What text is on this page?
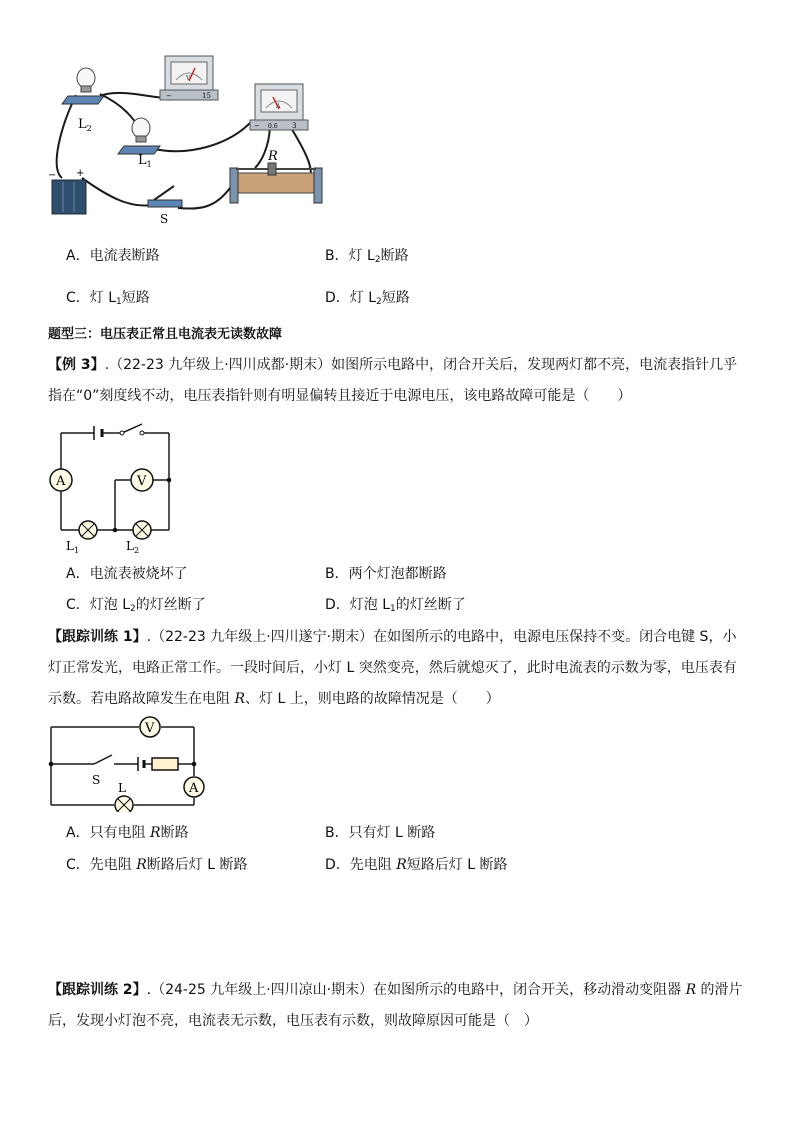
V
−	15
A
− 0.6 3
$L_2$
$L_1$
− +
S
R
A．电流表断路	B．灯 $L_2$断路
C．灯 $L_1$短路	D．灯 $L_2$短路
题型三：电压表正常且电流表无读数故障
【例 3】.（22-23 九年级上·四川成都·期末）如图所示电路中，闭合开关后，发现两灯都不亮，电流表指针几乎指在“0”刻度线不动，电压表指针则有明显偏转且接近于电源电压，该电路故障可能是（　　）
A	V
$L_1$	$L_2$
A．电流表被烧坏了	B．两个灯泡都断路
C．灯泡 $L_2$的灯丝断了	D．灯泡 $L_1$的灯丝断了
【跟踪训练 1】.（22-23 九年级上·四川遂宁·期末）在如图所示的电路中，电源电压保持不变。闭合电键 S，小灯正常发光，电路正常工作。一段时间后，小灯 L 突然变亮，然后就熄灭了，此时电流表的示数为零，电压表有示数。若电路故障发生在电阻 R、灯 L 上，则电路的故障情况是（　　）
V
A
S
L
A．只有电阻 R断路	B．只有灯 L 断路
C．先电阻 R断路后灯 L 断路	D．先电阻 R短路后灯 L 断路
【跟踪训练 2】.（24-25 九年级上·四川凉山·期末）在如图所示的电路中，闭合开关，移动滑动变阻器 R 的滑片后，发现小灯泡不亮，电流表无示数，电压表有示数，则故障原因可能是（　）
